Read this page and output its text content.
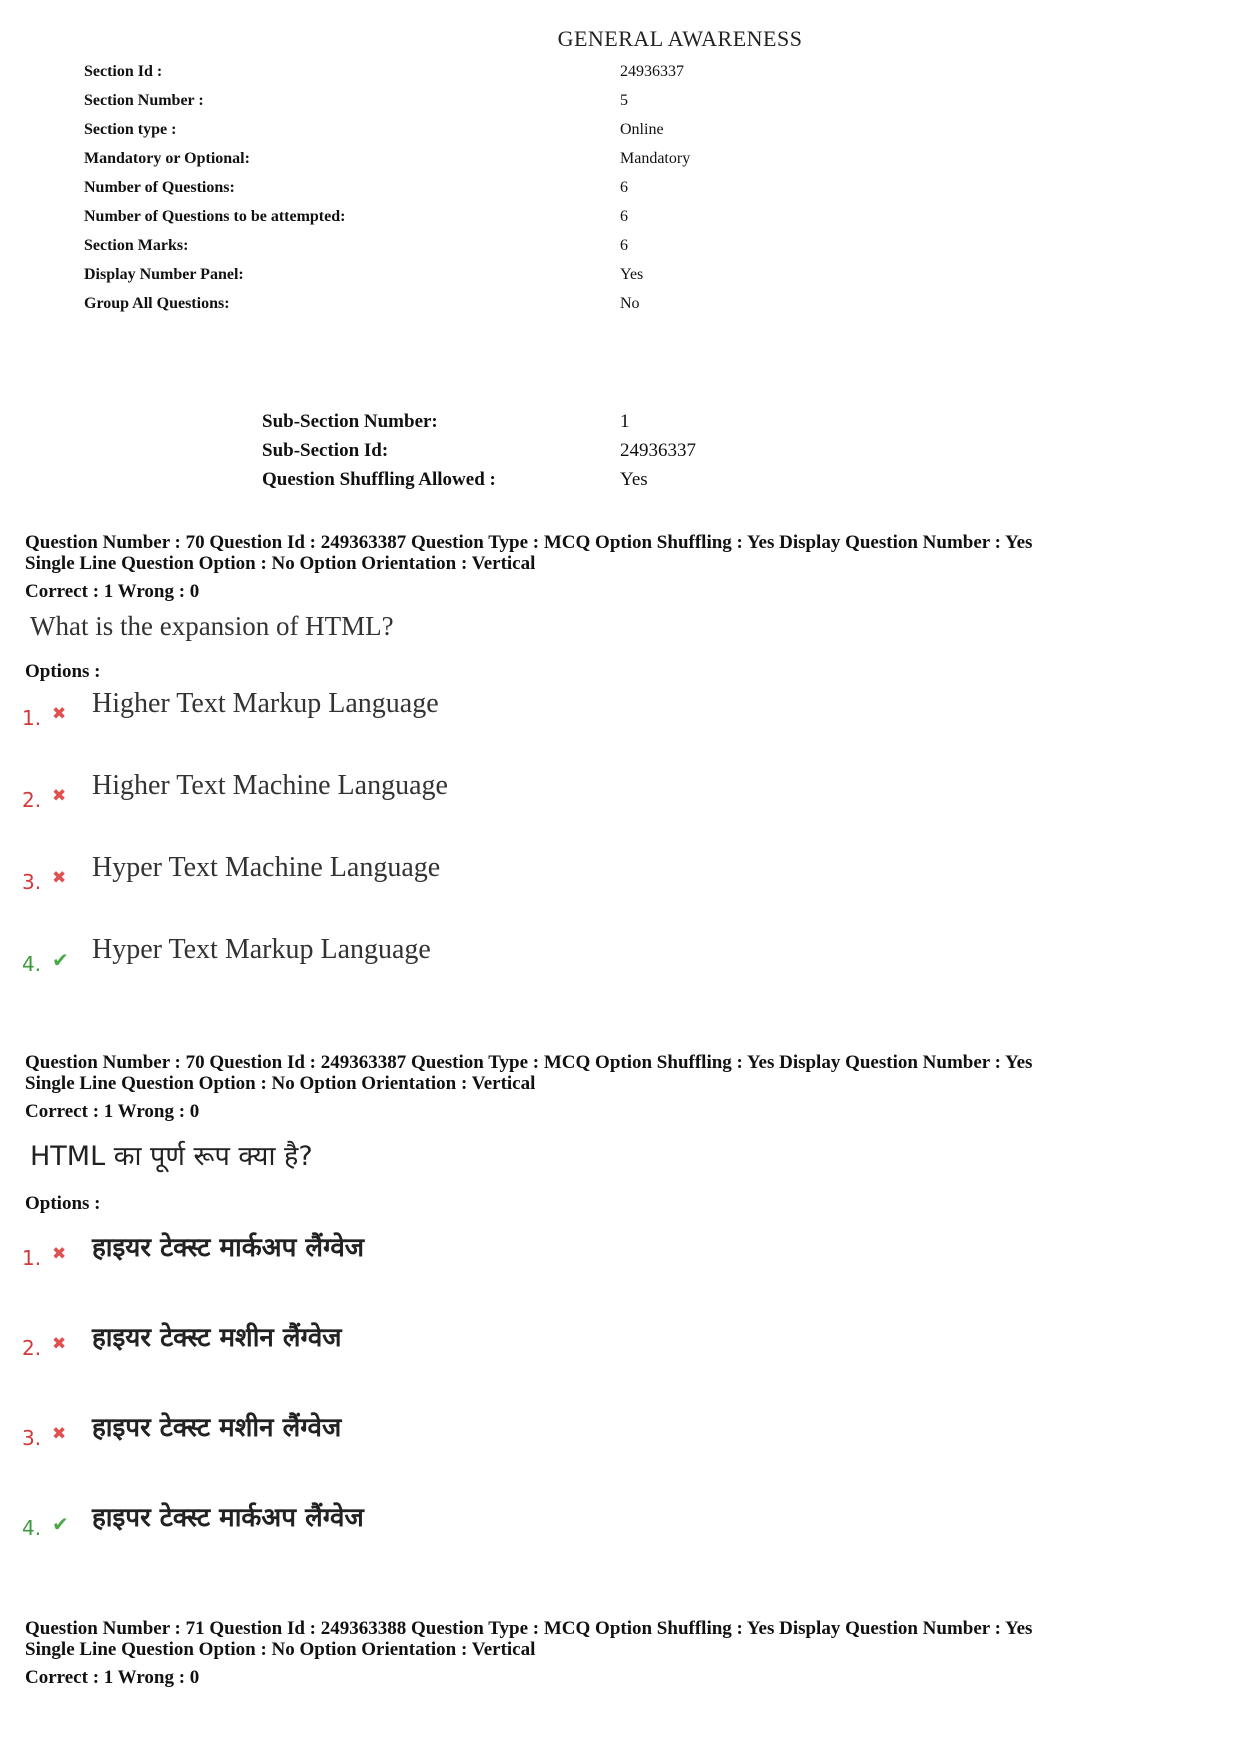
GENERAL AWARENESS
Section Id :	24936337
Section Number :	5
Section type :	Online
Mandatory or Optional:	Mandatory
Number of Questions:	6
Number of Questions to be attempted:	6
Section Marks:	6
Display Number Panel:	Yes
Group All Questions:	No
Sub-Section Number:	1
Sub-Section Id:	24936337
Question Shuffling Allowed :	Yes
Question Number : 70 Question Id : 249363387 Question Type : MCQ Option Shuffling : Yes Display Question Number : Yes
Single Line Question Option : No Option Orientation : Vertical
Correct : 1 Wrong : 0
What is the expansion of HTML?
Options :
1. ✖ Higher Text Markup Language
2. ✖ Higher Text Machine Language
3. ✖ Hyper Text Machine Language
4. ✔ Hyper Text Markup Language
Question Number : 70 Question Id : 249363387 Question Type : MCQ Option Shuffling : Yes Display Question Number : Yes
Single Line Question Option : No Option Orientation : Vertical
Correct : 1 Wrong : 0
HTML का पूर्ण रूप क्या है?
Options :
1. ✖ हाइयर टेक्स्ट मार्कअप लैंग्वेज
2. ✖ हाइयर टेक्स्ट मशीन लैंग्वेज
3. ✖ हाइपर टेक्स्ट मशीन लैंग्वेज
4. ✔ हाइपर टेक्स्ट मार्कअप लैंग्वेज
Question Number : 71 Question Id : 249363388 Question Type : MCQ Option Shuffling : Yes Display Question Number : Yes
Single Line Question Option : No Option Orientation : Vertical
Correct : 1 Wrong : 0
